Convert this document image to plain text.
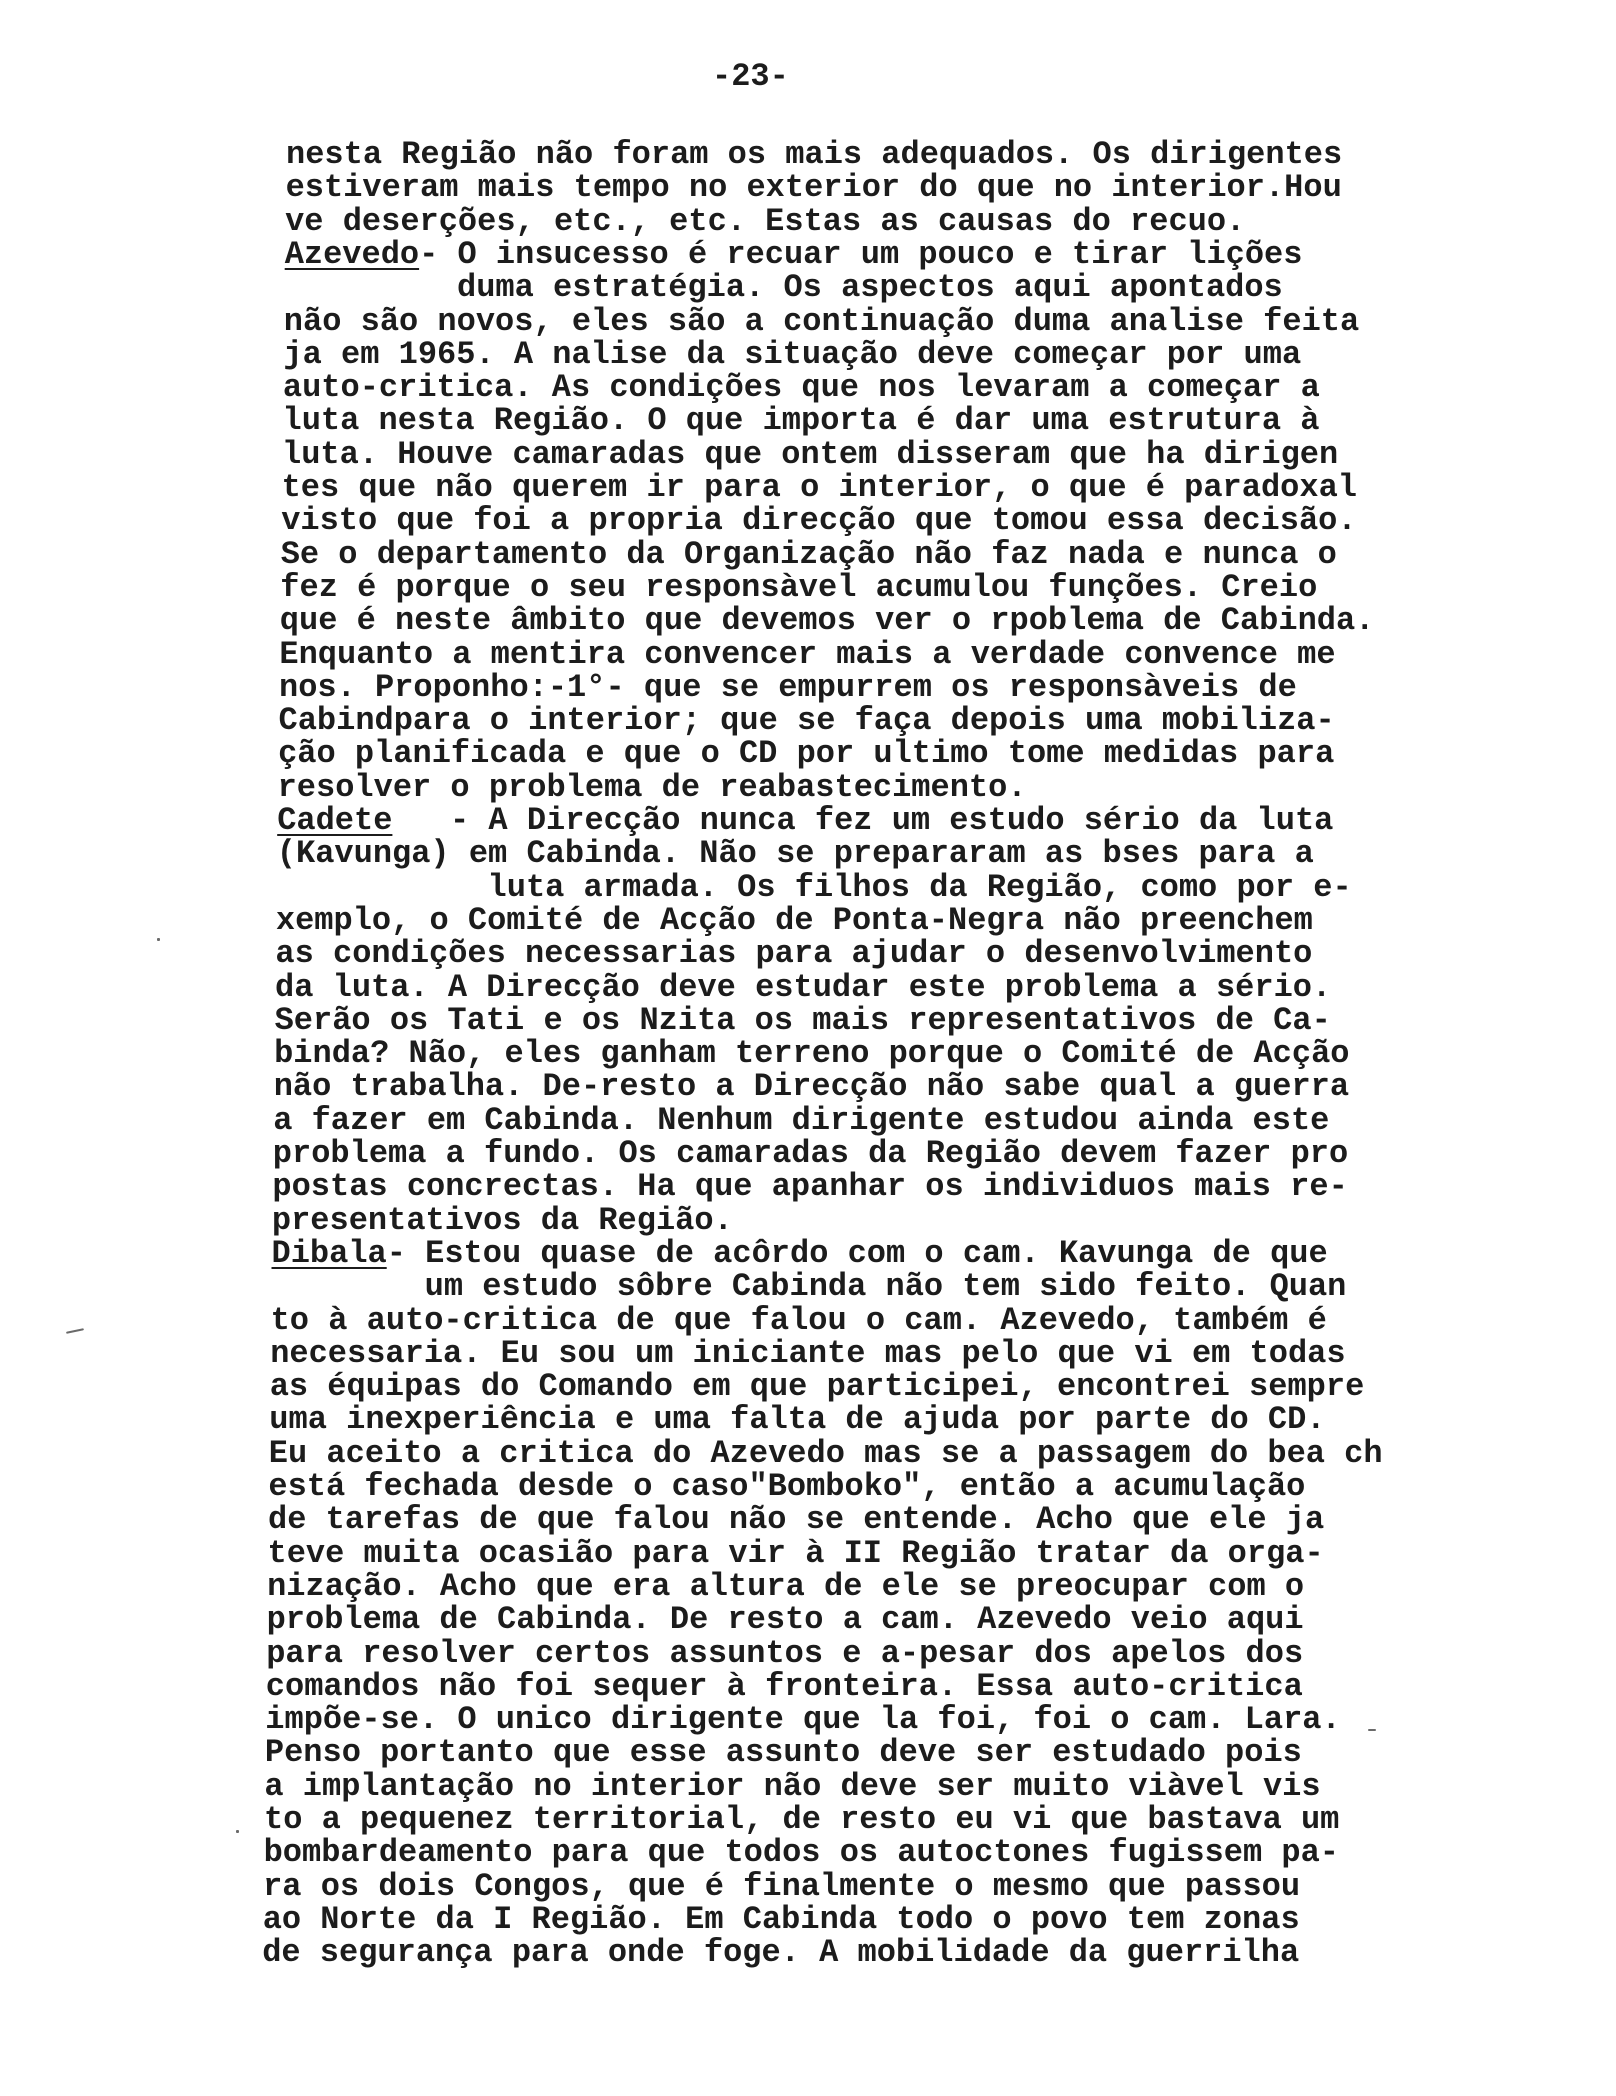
-23-
nesta Região não foram os mais adequados. Os dirigentes
estiveram mais tempo no exterior do que no interior.Hou
ve deserções, etc., etc. Estas as causas do recuo.
Azevedo- O insucesso é recuar um pouco e tirar lições
duma estratégia. Os aspectos aqui apontados
não são novos, eles são a continuação duma analise feita
ja em 1965. A nalise da situação deve começar por uma
auto-critica. As condições que nos levaram a começar a
luta nesta Região. O que importa é dar uma estrutura à
luta. Houve camaradas que ontem disseram que ha dirigen
tes que não querem ir para o interior, o que é paradoxal
visto que foi a propria direcção que tomou essa decisão.
Se o departamento da Organização não faz nada e nunca o
fez é porque o seu responsàvel acumulou funções. Creio
que é neste âmbito que devemos ver o rpoblema de Cabinda.
Enquanto a mentira convencer mais a verdade convence me
nos. Proponho:-1°- que se empurrem os responsàveis de
Cabindpara o interior; que se faça depois uma mobiliza-
ção planificada e que o CD por ultimo tome medidas para
resolver o problema de reabastecimento.
Cadete   - A Direcção nunca fez um estudo sério da luta
(Kavunga) em Cabinda. Não se prepararam as bses para a
luta armada. Os filhos da Região, como por e-
xemplo, o Comité de Acção de Ponta-Negra não preenchem
as condições necessarias para ajudar o desenvolvimento
da luta. A Direcção deve estudar este problema a sério.
Serão os Tati e os Nzita os mais representativos de Ca-
binda? Não, eles ganham terreno porque o Comité de Acção
não trabalha. De-resto a Direcção não sabe qual a guerra
a fazer em Cabinda. Nenhum dirigente estudou ainda este
problema a fundo. Os camaradas da Região devem fazer pro
postas concrectas. Ha que apanhar os individuos mais re-
presentativos da Região.
Dibala- Estou quase de acôrdo com o cam. Kavunga de que
um estudo sôbre Cabinda não tem sido feito. Quan
to à auto-critica de que falou o cam. Azevedo, também é
necessaria. Eu sou um iniciante mas pelo que vi em todas
as équipas do Comando em que participei, encontrei sempre
uma inexperiência e uma falta de ajuda por parte do CD.
Eu aceito a critica do Azevedo mas se a passagem do bea ch
está fechada desde o caso"Bomboko", então a acumulação
de tarefas de que falou não se entende. Acho que ele ja
teve muita ocasião para vir à II Região tratar da orga-
nização. Acho que era altura de ele se preocupar com o
problema de Cabinda. De resto a cam. Azevedo veio aqui
para resolver certos assuntos e a-pesar dos apelos dos
comandos não foi sequer à fronteira. Essa auto-critica
impõe-se. O unico dirigente que la foi, foi o cam. Lara.
Penso portanto que esse assunto deve ser estudado pois
a implantação no interior não deve ser muito viàvel vis
to a pequenez territorial, de resto eu vi que bastava um
bombardeamento para que todos os autoctones fugissem pa-
ra os dois Congos, que é finalmente o mesmo que passou
ao Norte da I Região. Em Cabinda todo o povo tem zonas
de segurança para onde foge. A mobilidade da guerrilha
